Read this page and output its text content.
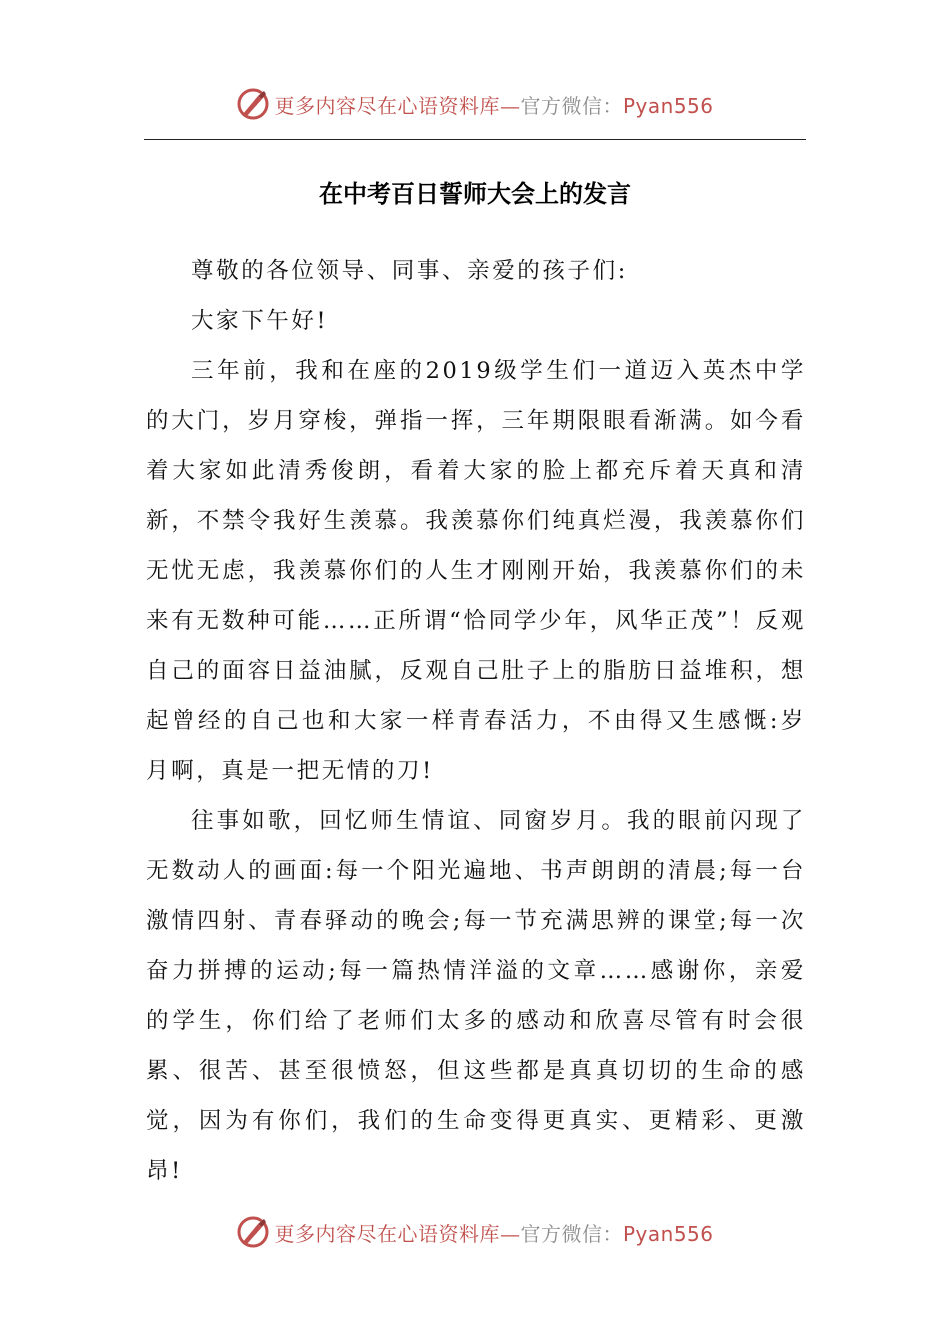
更多内容尽在心语资料库—官方微信：Pyan556
在中考百日誓师大会上的发言

尊敬的各位领导、同事、亲爱的孩子们:

大家下午好!

三年前，我和在座的2019级学生们一道迈入英杰中学的大门，岁月穿梭，弹指一挥，三年期限眼看渐满。如今看着大家如此清秀俊朗，看着大家的脸上都充斥着天真和清新，不禁令我好生羡慕。我羡慕你们纯真烂漫，我羡慕你们无忧无虑，我羡慕你们的人生才刚刚开始，我羡慕你们的未来有无数种可能……正所谓“恰同学少年，风华正茂”！反观自己的面容日益油腻，反观自己肚子上的脂肪日益堆积，想起曾经的自己也和大家一样青春活力，不由得又生感慨:岁月啊，真是一把无情的刀!

往事如歌，回忆师生情谊、同窗岁月。我的眼前闪现了无数动人的画面:每一个阳光遍地、书声朗朗的清晨;每一台激情四射、青春驿动的晚会;每一节充满思辨的课堂;每一次奋力拼搏的运动;每一篇热情洋溢的文章……感谢你，亲爱的学生，你们给了老师们太多的感动和欣喜尽管有时会很累、很苦、甚至很愤怒，但这些都是真真切切的生命的感觉，因为有你们，我们的生命变得更真实、更精彩、更激昂!

更多内容尽在心语资料库—官方微信：Pyan556
